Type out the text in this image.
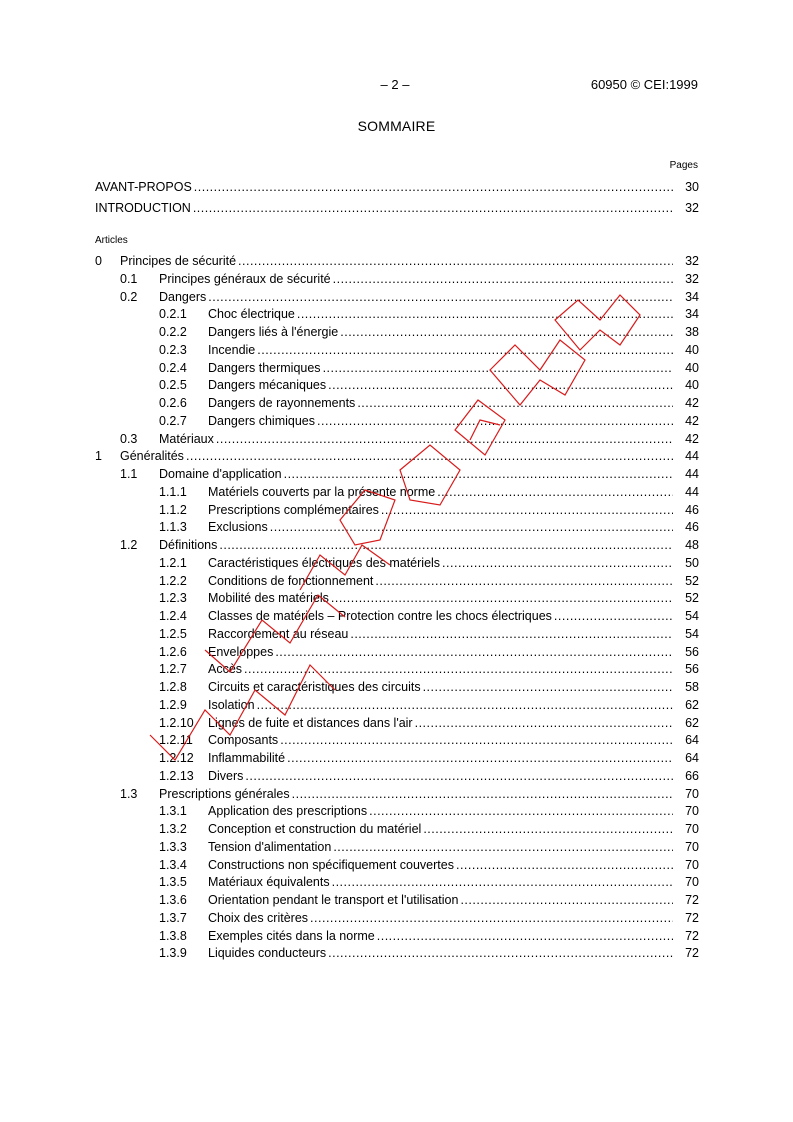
– 2 –	60950 © CEI:1999
SOMMAIRE
Pages
AVANT-PROPOS .....	30
INTRODUCTION .....	32
Articles
0	Principes de sécurité .....	32
0.1	Principes généraux de sécurité .....	32
0.2	Dangers .....	34
0.2.1	Choc électrique .....	34
0.2.2	Dangers liés à l'énergie .....	38
0.2.3	Incendie .....	40
0.2.4	Dangers thermiques .....	40
0.2.5	Dangers mécaniques .....	40
0.2.6	Dangers de rayonnements .....	42
0.2.7	Dangers chimiques .....	42
0.3	Matériaux .....	42
1	Généralités .....	44
1.1	Domaine d'application .....	44
1.1.1	Matériels couverts par la présente norme .....	44
1.1.2	Prescriptions complémentaires .....	46
1.1.3	Exclusions .....	46
1.2	Définitions .....	48
1.2.1	Caractéristiques électriques des matériels .....	50
1.2.2	Conditions de fonctionnement .....	52
1.2.3	Mobilité des matériels .....	52
1.2.4	Classes de matériels – Protection contre les chocs électriques .....	54
1.2.5	Raccordement au réseau .....	54
1.2.6	Enveloppes .....	56
1.2.7	Accès .....	56
1.2.8	Circuits et caractéristiques des circuits .....	58
1.2.9	Isolation .....	62
1.2.10	Lignes de fuite et distances dans l'air .....	62
1.2.11	Composants .....	64
1.2.12	Inflammabilité .....	64
1.2.13	Divers .....	66
1.3	Prescriptions générales .....	70
1.3.1	Application des prescriptions .....	70
1.3.2	Conception et construction du matériel .....	70
1.3.3	Tension d'alimentation .....	70
1.3.4	Constructions non spécifiquement couvertes .....	70
1.3.5	Matériaux équivalents .....	70
1.3.6	Orientation pendant le transport et l'utilisation .....	72
1.3.7	Choix des critères .....	72
1.3.8	Exemples cités dans la norme .....	72
1.3.9	Liquides conducteurs .....	72
